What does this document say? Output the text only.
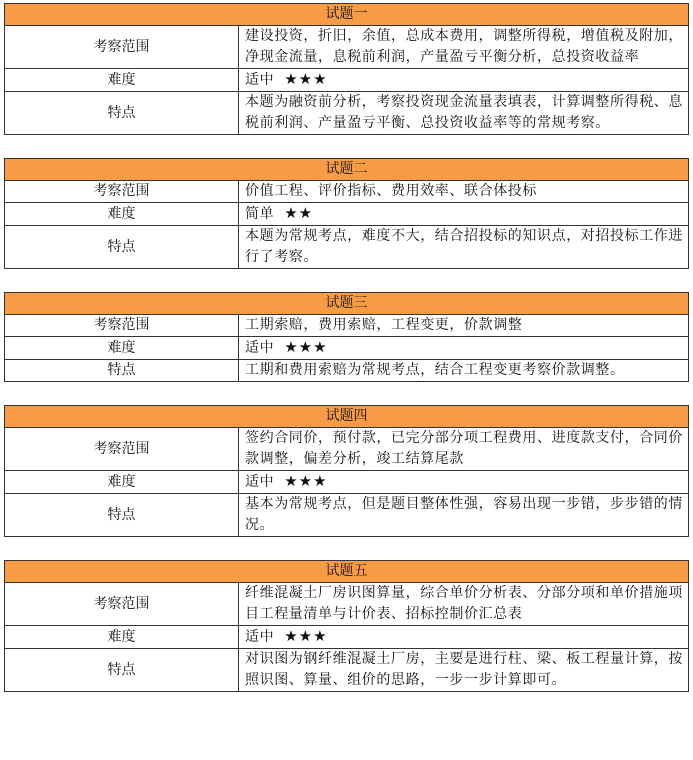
试题一	
考察范围	建设投资，折旧，余值，总成本费用，调整所得税，增值税及附加，净现金流量，息税前利润，产量盈亏平衡分析，总投资收益率
难度	适中 ★★★
特点	本题为融资前分析，考察投资现金流量表填表，计算调整所得税、息税前利润、产量盈亏平衡、总投资收益率等的常规考察。
试题二	
考察范围	价值工程、评价指标、费用效率、联合体投标
难度	简单 ★★
特点	本题为常规考点，难度不大，结合招投标的知识点，对招投标工作进行了考察。
试题三	
考察范围	工期索赔，费用索赔，工程变更，价款调整
难度	适中 ★★★
特点	工期和费用索赔为常规考点，结合工程变更考察价款调整。
试题四	
考察范围	签约合同价，预付款，已完分部分项工程费用、进度款支付，合同价款调整，偏差分析，竣工结算尾款
难度	适中 ★★★
特点	基本为常规考点，但是题目整体性强，容易出现一步错，步步错的情况。
试题五	
考察范围	纤维混凝土厂房识图算量，综合单价分析表、分部分项和单价措施项目工程量清单与计价表、招标控制价汇总表
难度	适中 ★★★
特点	对识图为钢纤维混凝土厂房，主要是进行柱、梁、板工程量计算，按照识图、算量、组价的思路，一步一步计算即可。
